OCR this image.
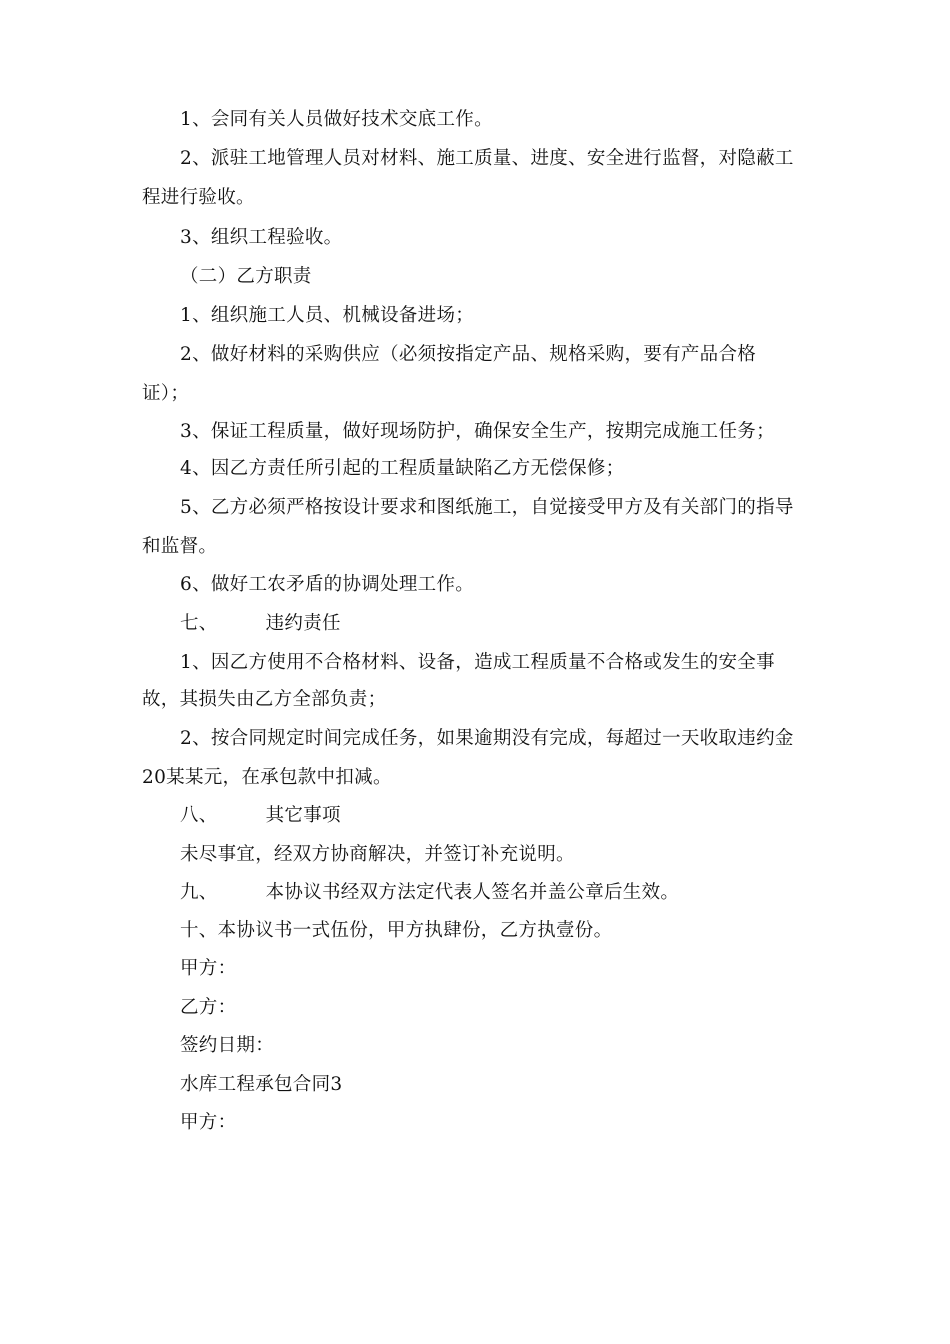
1、会同有关人员做好技术交底工作。
2、派驻工地管理人员对材料、施工质量、进度、安全进行监督，对隐蔽工
程进行验收。
3、组织工程验收。
（二）乙方职责
1、组织施工人员、机械设备进场；
2、做好材料的采购供应（必须按指定产品、规格采购，要有产品合格
证）；
3、保证工程质量，做好现场防护，确保安全生产，按期完成施工任务；
4、因乙方责任所引起的工程质量缺陷乙方无偿保修；
5、乙方必须严格按设计要求和图纸施工，自觉接受甲方及有关部门的指导
和监督。
6、做好工农矛盾的协调处理工作。
七、	违约责任
1、因乙方使用不合格材料、设备，造成工程质量不合格或发生的安全事
故，其损失由乙方全部负责；
2、按合同规定时间完成任务，如果逾期没有完成，每超过一天收取违约金
20某某元，在承包款中扣减。
八、	其它事项
未尽事宜，经双方协商解决，并签订补充说明。
九、	本协议书经双方法定代表人签名并盖公章后生效。
十、本协议书一式伍份，甲方执肆份，乙方执壹份。
甲方：
乙方：
签约日期：
水库工程承包合同3
甲方：
